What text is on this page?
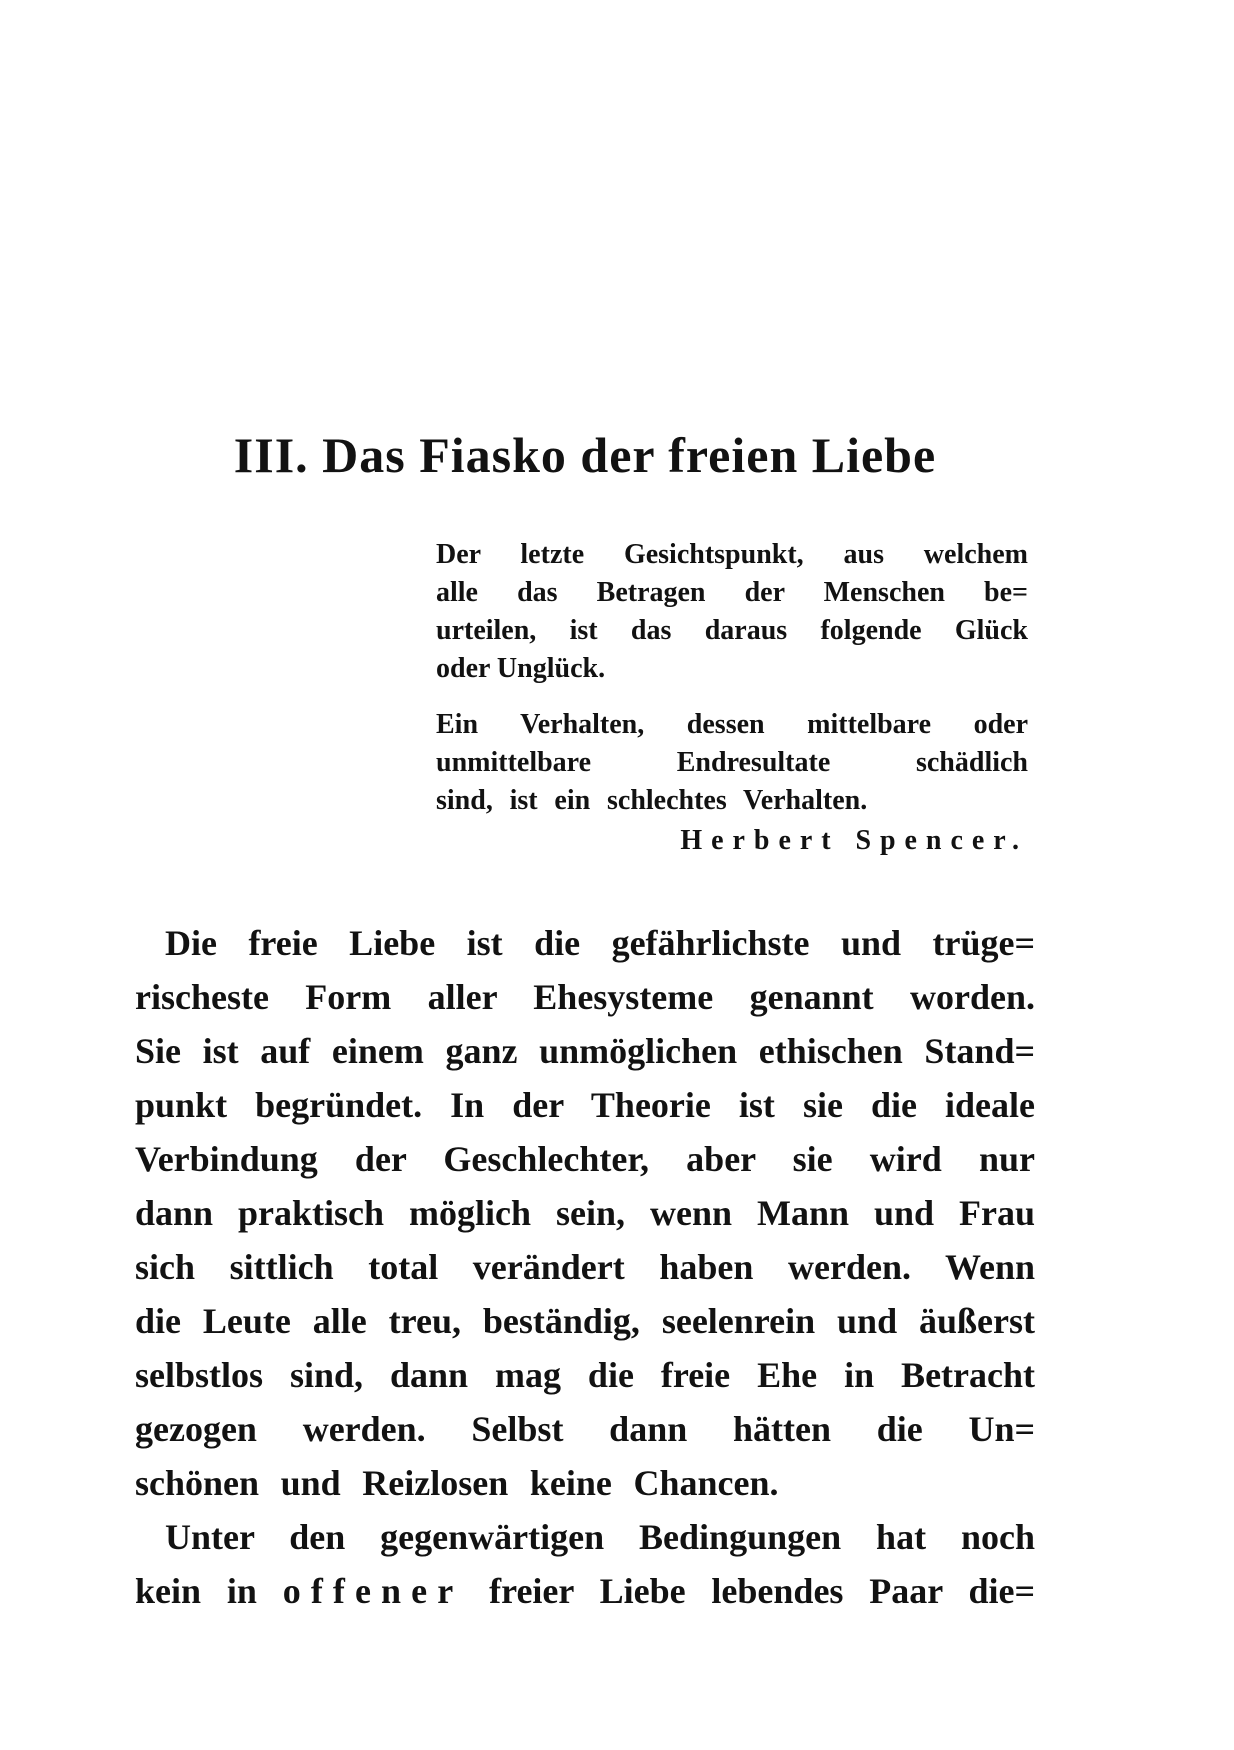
III. Das Fiasko der freien Liebe
Der letzte Gesichtspunkt, aus welchem
alle das Betragen der Menschen be=
urteilen, ist das daraus folgende Glück
oder Unglück.
Ein Verhalten, dessen mittelbare oder
unmittelbare Endresultate schädlich
sind, ist ein schlechtes Verhalten.
Herbert Spencer.
Die freie Liebe ist die gefährlichste und trüge=
rischeste Form aller Ehesysteme genannt worden.
Sie ist auf einem ganz unmöglichen ethischen Stand=
punkt begründet. In der Theorie ist sie die ideale
Verbindung der Geschlechter, aber sie wird nur
dann praktisch möglich sein, wenn Mann und Frau
sich sittlich total verändert haben werden. Wenn
die Leute alle treu, beständig, seelenrein und äußerst
selbstlos sind, dann mag die freie Ehe in Betracht
gezogen werden. Selbst dann hätten die Un=
schönen und Reizlosen keine Chancen.
Unter den gegenwärtigen Bedingungen hat noch
kein in offener freier Liebe lebendes Paar die=
